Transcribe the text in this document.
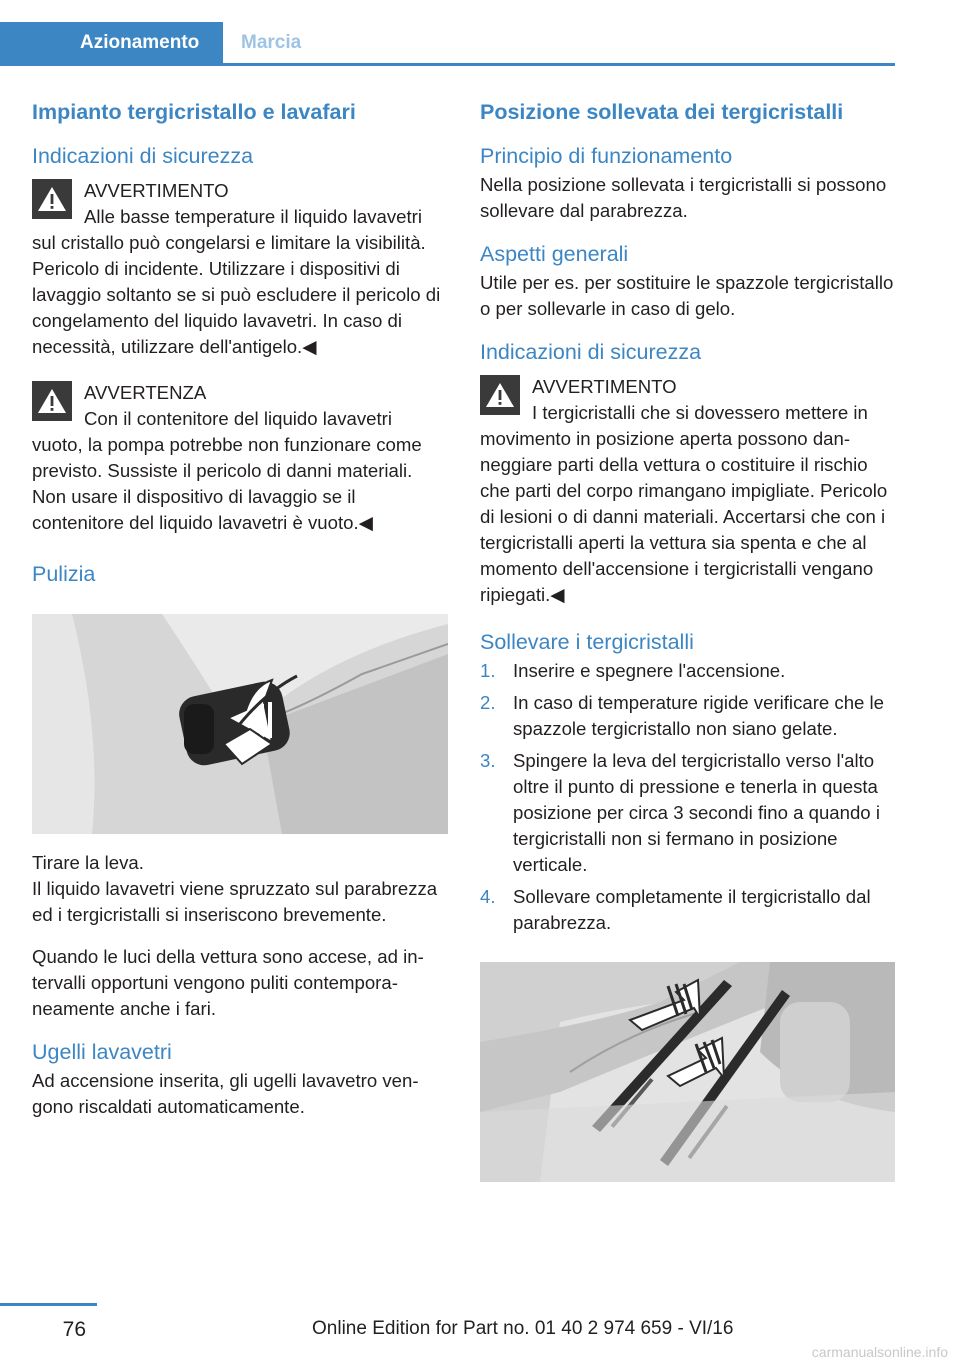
Azionamento	Marcia
Impianto tergicristallo e lavafari
Indicazioni di sicurezza
AVVERTIMENTO
Alle basse temperature il liquido lavavetri

sul cristallo può congelarsi e limitare la visibilità. Pericolo di incidente. Utilizzare i dispositivi di lavaggio soltanto se si può escludere il pericolo di congelamento del liquido lavavetri. In caso di necessità, utilizzare dell'antigelo.◀

AVVERTENZA
Con il contenitore del liquido lavavetri

vuoto, la pompa potrebbe non funzionare come previsto. Sussiste il pericolo di danni materiali. Non usare il dispositivo di lavaggio se il contenitore del liquido lavavetri è vuoto.◀

Pulizia

Tirare la leva.

Il liquido lavavetri viene spruzzato sul parabrezza ed i tergicristalli si inseriscono brevemente.

Quando le luci della vettura sono accese, ad intervalli opportuni vengono puliti contemporaneamente anche i fari.

Ugelli lavavetri

Ad accensione inserita, gli ugelli lavavetro vengono riscaldati automaticamente.

Posizione sollevata dei tergicristalli
Principio di funzionamento

Nella posizione sollevata i tergicristalli si possono sollevare dal parabrezza.

Aspetti generali

Utile per es. per sostituire le spazzole tergicristallo o per sollevarle in caso di gelo.

Indicazioni di sicurezza
AVVERTIMENTO
I tergicristalli che si dovessero mettere in

movimento in posizione aperta possono danneggiare parti della vettura o costituire il rischio che parti del corpo rimangano impigliate. Pericolo di lesioni o di danni materiali. Accertarsi che con i tergicristalli aperti la vettura sia spenta e che al momento dell'accensione i tergicristalli vengano ripiegati.◀

Sollevare i tergicristalli
1. Inserire e spegnere l'accensione.
2. In caso di temperature rigide verificare che le spazzole tergicristallo non siano gelate.
3. Spingere la leva del tergicristallo verso l'alto oltre il punto di pressione e tenerla in questa posizione per circa 3 secondi fino a quando i tergicristalli non si fermano in posizione verticale.
4. Sollevare completamente il tergicristallo dal parabrezza.
76	Online Edition for Part no. 01 40 2 974 659 - VI/16
carmanualsonline.info
